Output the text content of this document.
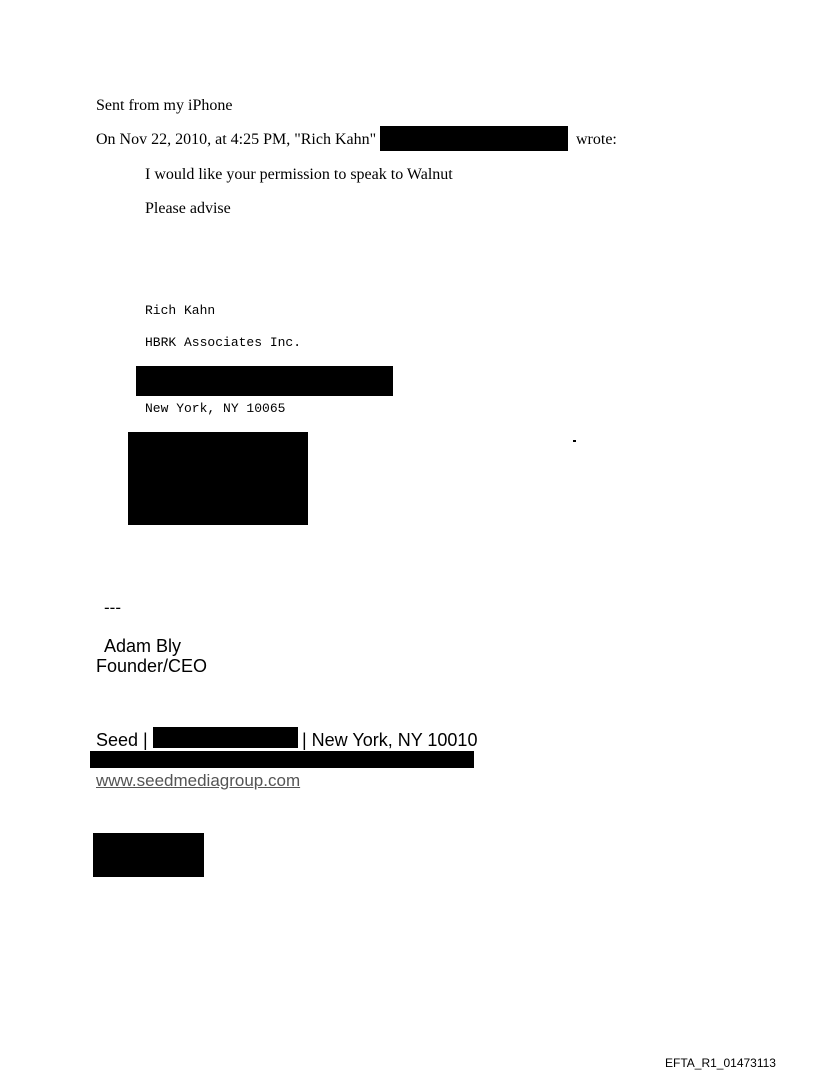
Sent from my iPhone
On Nov 22, 2010, at 4:25 PM, "Rich Kahn"	wrote:
I would like your permission to speak to Walnut
Please advise
Rich Kahn
HBRK Associates Inc.
New York, NY 10065
---
Adam Bly
Founder/CEO
Seed |	| New York, NY 10010
www.seedmediagroup.com
EFTA_R1_01473113
